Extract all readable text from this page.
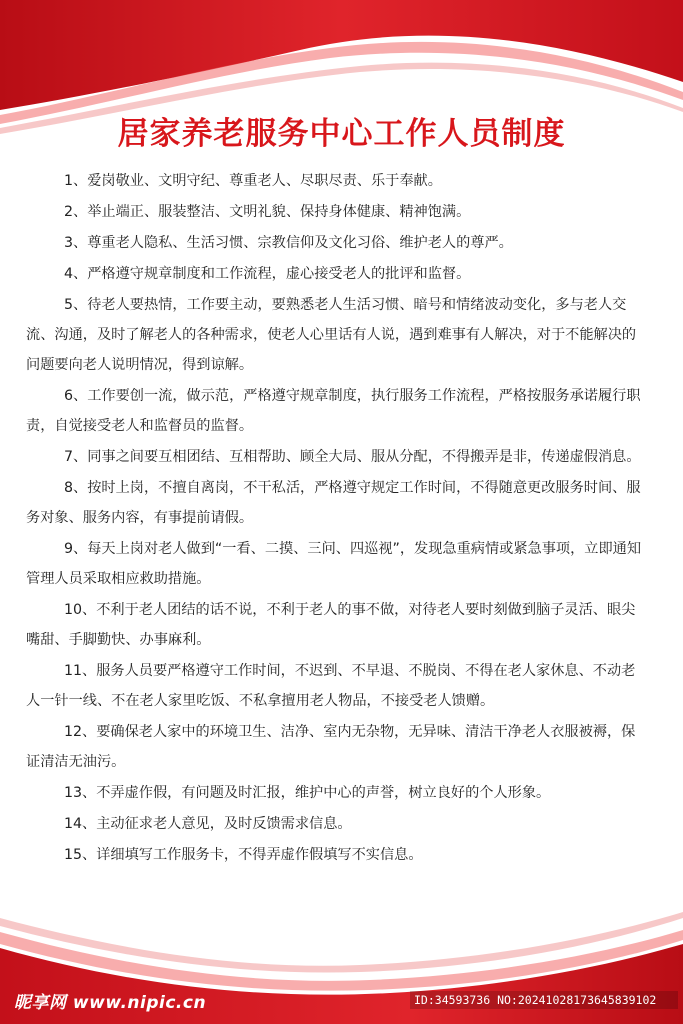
居家养老服务中心工作人员制度
1、爱岗敬业、文明守纪、尊重老人、尽职尽责、乐于奉献。
2、举止端正、服装整洁、文明礼貌、保持身体健康、精神饱满。
3、尊重老人隐私、生活习惯、宗教信仰及文化习俗、维护老人的尊严。
4、严格遵守规章制度和工作流程，虚心接受老人的批评和监督。
5、待老人要热情，工作要主动，要熟悉老人生活习惯、暗号和情绪波动变化，多与老人交流、沟通，及时了解老人的各种需求，使老人心里话有人说，遇到难事有人解决，对于不能解决的问题要向老人说明情况，得到谅解。
6、工作要创一流，做示范，严格遵守规章制度，执行服务工作流程，严格按服务承诺履行职责，自觉接受老人和监督员的监督。
7、同事之间要互相团结、互相帮助、顾全大局、服从分配，不得搬弄是非，传递虚假消息。
8、按时上岗，不擅自离岗，不干私活，严格遵守规定工作时间，不得随意更改服务时间、服务对象、服务内容，有事提前请假。
9、每天上岗对老人做到“一看、二摸、三问、四巡视”，发现急重病情或紧急事项，立即通知管理人员采取相应救助措施。
10、不利于老人团结的话不说，不利于老人的事不做，对待老人要时刻做到脑子灵活、眼尖嘴甜、手脚勤快、办事麻利。
11、服务人员要严格遵守工作时间，不迟到、不早退、不脱岗、不得在老人家休息、不动老人一针一线、不在老人家里吃饭、不私拿擅用老人物品，不接受老人馈赠。
12、要确保老人家中的环境卫生、洁净、室内无杂物，无异味、清洁干净老人衣服被褥，保证清洁无油污。
13、不弄虚作假，有问题及时汇报，维护中心的声誉，树立良好的个人形象。
14、主动征求老人意见，及时反馈需求信息。
15、详细填写工作服务卡，不得弄虚作假填写不实信息。
昵享网 www.nipic.cn	ID:34593736 NO:20241028173645839102
